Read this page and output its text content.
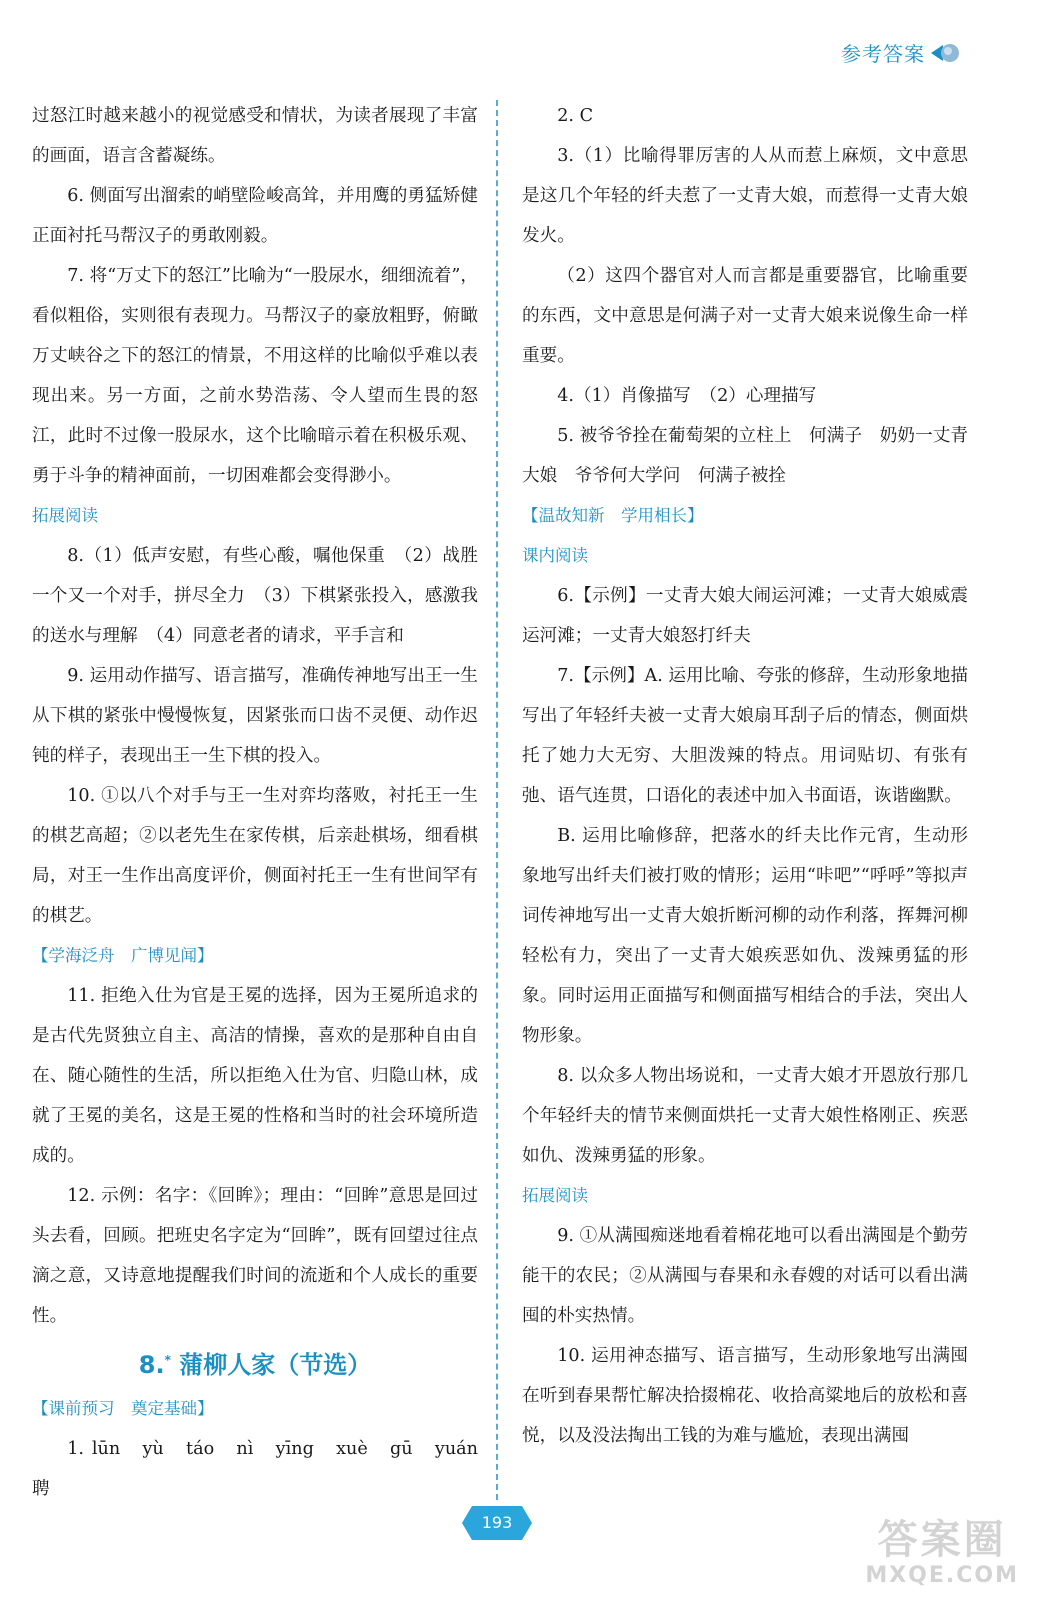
参考答案

过怒江时越来越小的视觉感受和情状，为读者展现了丰富的画面，语言含蓄凝练。

6. 侧面写出溜索的峭壁险峻高耸，并用鹰的勇猛矫健正面衬托马帮汉子的勇敢刚毅。

7. 将“万丈下的怒江”比喻为“一股尿水，细细流着”，看似粗俗，实则很有表现力。马帮汉子的豪放粗野，俯瞰万丈峡谷之下的怒江的情景，不用这样的比喻似乎难以表现出来。另一方面，之前水势浩荡、令人望而生畏的怒江，此时不过像一股尿水，这个比喻暗示着在积极乐观、勇于斗争的精神面前，一切困难都会变得渺小。

拓展阅读

8.（1）低声安慰，有些心酸，嘱他保重　（2）战胜一个又一个对手，拼尽全力　（3）下棋紧张投入，感激我的送水与理解　（4）同意老者的请求，平手言和

9. 运用动作描写、语言描写，准确传神地写出王一生从下棋的紧张中慢慢恢复，因紧张而口齿不灵便、动作迟钝的样子，表现出王一生下棋的投入。

10. ①以八个对手与王一生对弈均落败，衬托王一生的棋艺高超；②以老先生在家传棋，后亲赴棋场，细看棋局，对王一生作出高度评价，侧面衬托王一生有世间罕有的棋艺。

【学海泛舟　广博见闻】

11. 拒绝入仕为官是王冕的选择，因为王冕所追求的是古代先贤独立自主、高洁的情操，喜欢的是那种自由自在、随心随性的生活，所以拒绝入仕为官、归隐山林，成就了王冕的美名，这是王冕的性格和当时的社会环境所造成的。

12. 示例：名字：《回眸》；理由：“回眸”意思是回过头去看，回顾。把班史名字定为“回眸”，既有回望过往点滴之意，又诗意地提醒我们时间的流逝和个人成长的重要性。

8.* 蒲柳人家（节选）

【课前预习　奠定基础】

1. lūn　yù　táo　nì　yīng　xuè　gū　yuán　聘

2. C

3.（1）比喻得罪厉害的人从而惹上麻烦，文中意思是这几个年轻的纤夫惹了一丈青大娘，而惹得一丈青大娘发火。

（2）这四个器官对人而言都是重要器官，比喻重要的东西，文中意思是何满子对一丈青大娘来说像生命一样重要。

4.（1）肖像描写　（2）心理描写

5. 被爷爷拴在葡萄架的立柱上　何满子　奶奶一丈青大娘　爷爷何大学问　何满子被拴

【温故知新　学用相长】

课内阅读

6.【示例】一丈青大娘大闹运河滩；一丈青大娘威震运河滩；一丈青大娘怒打纤夫

7.【示例】A. 运用比喻、夸张的修辞，生动形象地描写出了年轻纤夫被一丈青大娘扇耳刮子后的情态，侧面烘托了她力大无穷、大胆泼辣的特点。用词贴切、有张有弛、语气连贯，口语化的表述中加入书面语，诙谐幽默。

B. 运用比喻修辞，把落水的纤夫比作元宵，生动形象地写出纤夫们被打败的情形；运用“咔吧”“呼呼”等拟声词传神地写出一丈青大娘折断河柳的动作利落，挥舞河柳轻松有力，突出了一丈青大娘疾恶如仇、泼辣勇猛的形象。同时运用正面描写和侧面描写相结合的手法，突出人物形象。

8. 以众多人物出场说和，一丈青大娘才开恩放行那几个年轻纤夫的情节来侧面烘托一丈青大娘性格刚正、疾恶如仇、泼辣勇猛的形象。

拓展阅读

9. ①从满囤痴迷地看着棉花地可以看出满囤是个勤劳能干的农民；②从满囤与春果和永春嫂的对话可以看出满囤的朴实热情。

10. 运用神态描写、语言描写，生动形象地写出满囤在听到春果帮忙解决拾掇棉花、收拾高粱地后的放松和喜悦，以及没法掏出工钱的为难与尴尬，表现出满囤

193	答案圈
MXQE.COM
